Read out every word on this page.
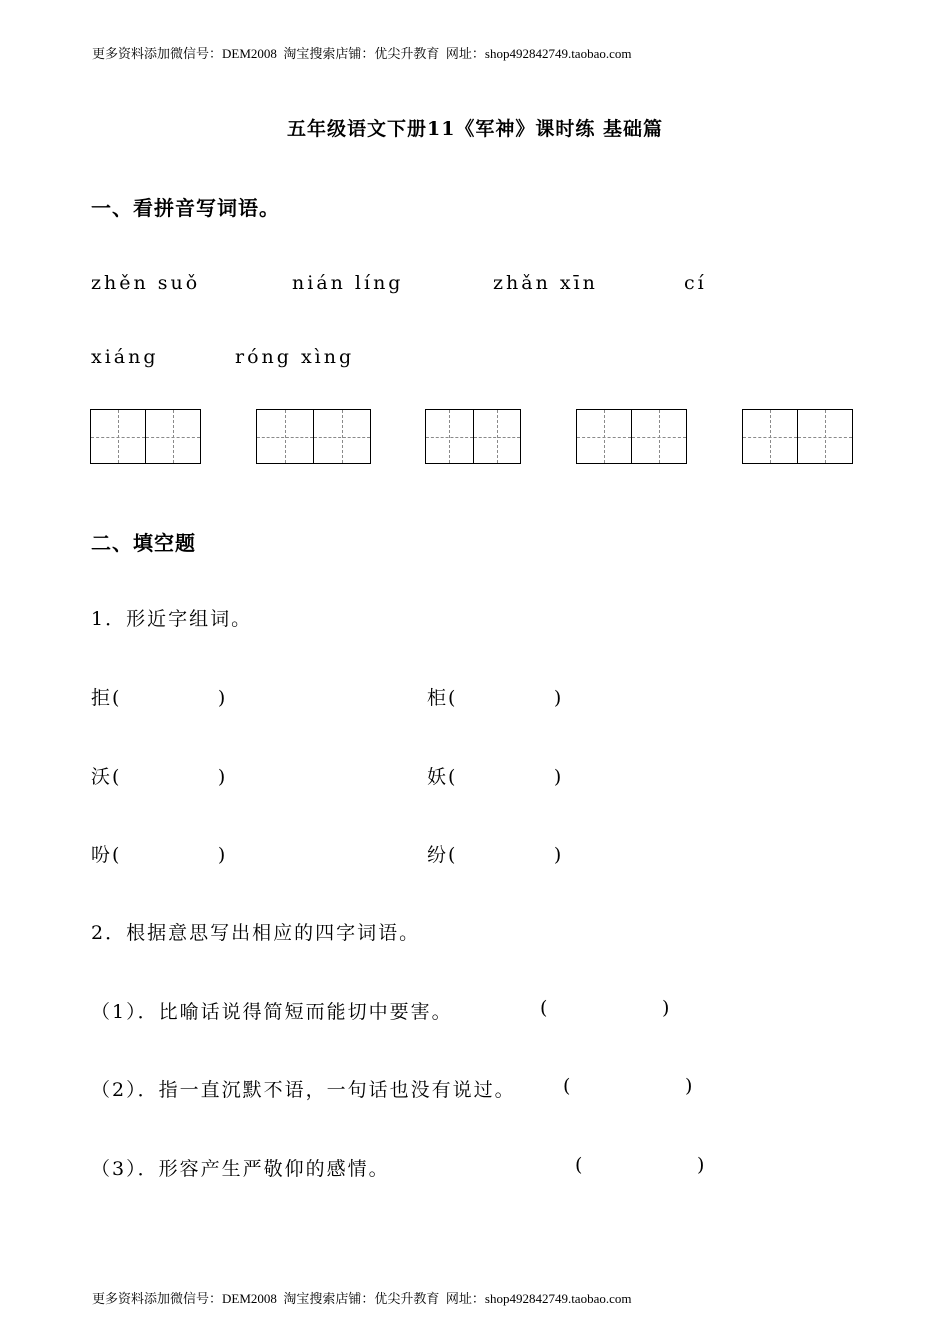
更多资料添加微信号：DEM2008  淘宝搜索店铺：优尖升教育  网址：shop492842749.taobao.com
五年级语文下册11《军神》课时练 基础篇
一、看拼音写词语。
zhěn suǒ	nián líng	zhǎn xīn	cí
xiáng	róng xìng
二、填空题
1．形近字组词。
拒(            )	柜(            )
沃(            )	妖(            )
吩(            )	纷(            )
2．根据意思写出相应的四字词语。
（1）．比喻话说得简短而能切中要害。	(              )
（2）．指一直沉默不语，一句话也没有说过。 (              )
（3）．形容产生严敬仰的感情。	(              )
更多资料添加微信号：DEM2008  淘宝搜索店铺：优尖升教育  网址：shop492842749.taobao.com
